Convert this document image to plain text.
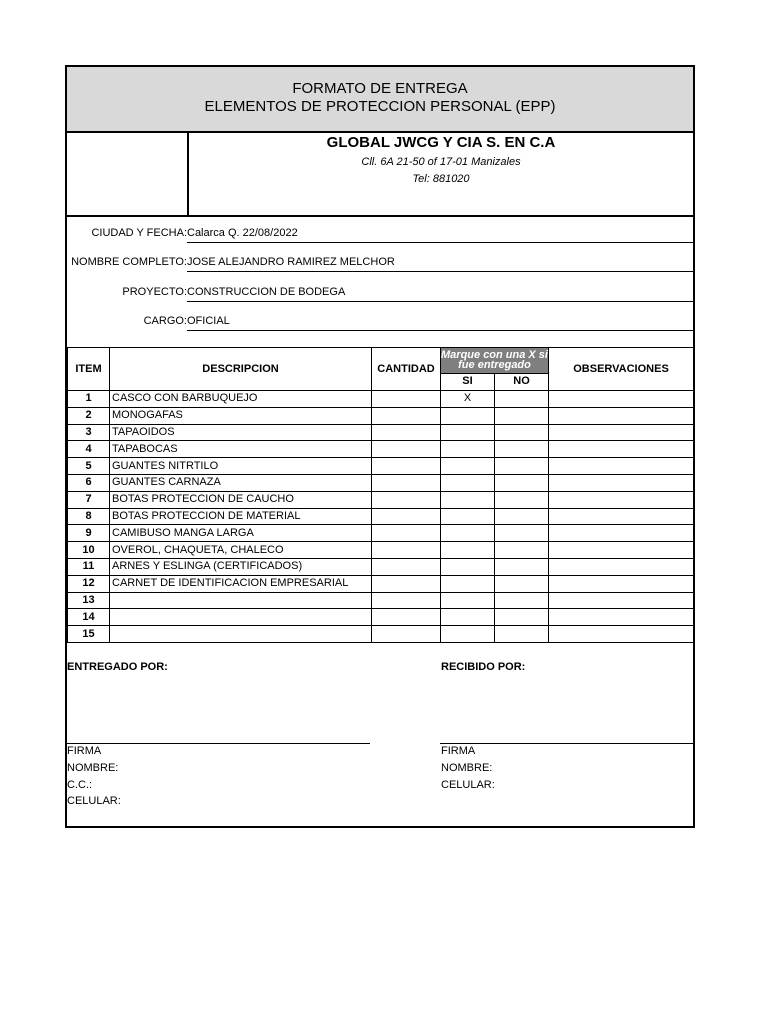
FORMATO DE ENTREGA
ELEMENTOS DE PROTECCION PERSONAL (EPP)
GLOBAL JWCG Y CIA S. EN C.A
Cll. 6A 21-50 of 17-01 Manizales
Tel: 881020
CIUDAD Y FECHA: Calarca Q. 22/08/2022
NOMBRE COMPLETO: JOSE ALEJANDRO RAMIREZ MELCHOR
PROYECTO: CONSTRUCCION DE BODEGA
CARGO: OFICIAL
ITEM	DESCRIPCION	CANTIDAD	Marque con una X si fue entregado		OBSERVACIONES
			SI	NO	
1	CASCO CON BARBUQUEJO		X		
2	MONOGAFAS				
3	TAPAOIDOS				
4	TAPABOCAS				
5	GUANTES NITRTILO				
6	GUANTES CARNAZA				
7	BOTAS PROTECCION DE CAUCHO				
8	BOTAS PROTECCION DE MATERIAL				
9	CAMIBUSO MANGA LARGA				
10	OVEROL, CHAQUETA, CHALECO				
11	ARNES Y ESLINGA (CERTIFICADOS)				
12	CARNET DE IDENTIFICACION EMPRESARIAL				
13					
14					
15					
ENTREGADO POR:	RECIBIDO POR:
FIRMA
NOMBRE:
C.C.:
CELULAR:
FIRMA
NOMBRE:
CELULAR:
